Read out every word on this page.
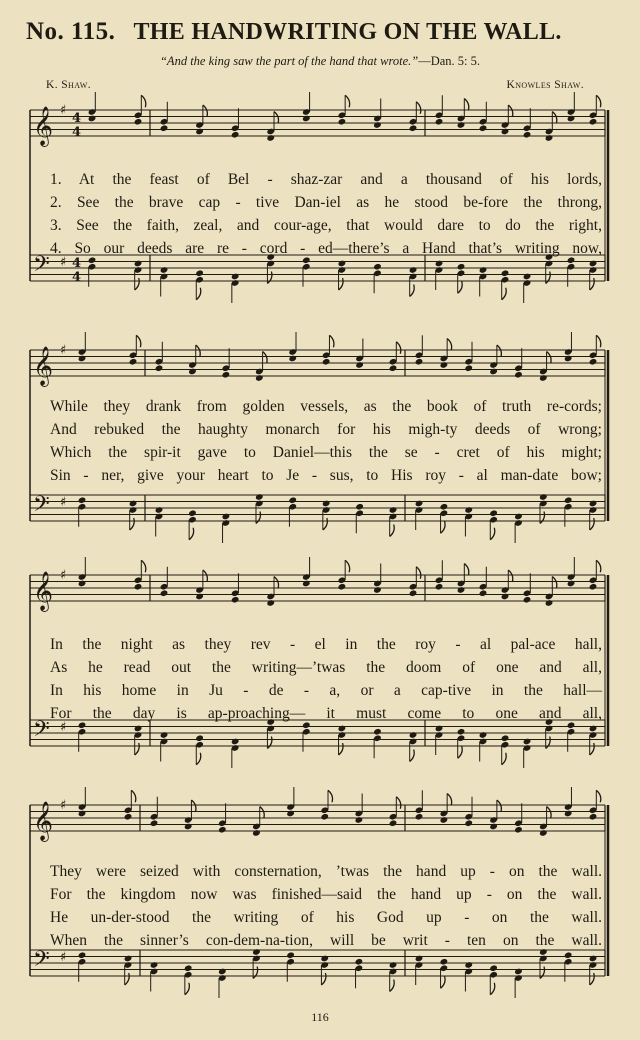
No. 115. THE HANDWRITING ON THE WALL.
“And the king saw the part of the hand that wrote.”—Dan. 5: 5.
K. Shaw.	Knowles Shaw.
𝄞 ♯
4
4
𝄢 ♯ 4
4
1. At the feast of Bel - shaz-zar and a thousand of his lords,
2. See the brave cap - tive Dan-iel as he stood be-fore the throng,
3. See the faith, zeal, and cour-age, that would dare to do the right,
4. So our deeds are re - cord - ed—there’s a Hand that’s writing now,
𝄞 ♯
𝄢 ♯
While they drank from golden vessels, as the book of truth re-cords;
And rebuked the haughty monarch for his migh-ty deeds of wrong;
Which the spir-it gave to Daniel—this the se - cret of his might;
Sin - ner, give your heart to Je - sus, to His roy - al man-date bow;
𝄞 ♯
𝄢 ♯
In the night as they rev - el in the roy - al pal-ace hall,
As he read out the writing—’twas the doom of one and all,
In his home in Ju - de - a, or a cap-tive in the hall—
For the day is ap-proaching— it must come to one and all,
𝄞 ♯
𝄢 ♯
They were seized with consternation, ’twas the hand up - on the wall.
For the kingdom now was finished—said the hand up - on the wall.
He un-der-stood the writing of his God up - on the wall.
When the sinner’s con-dem-na-tion, will be writ - ten on the wall.
116
